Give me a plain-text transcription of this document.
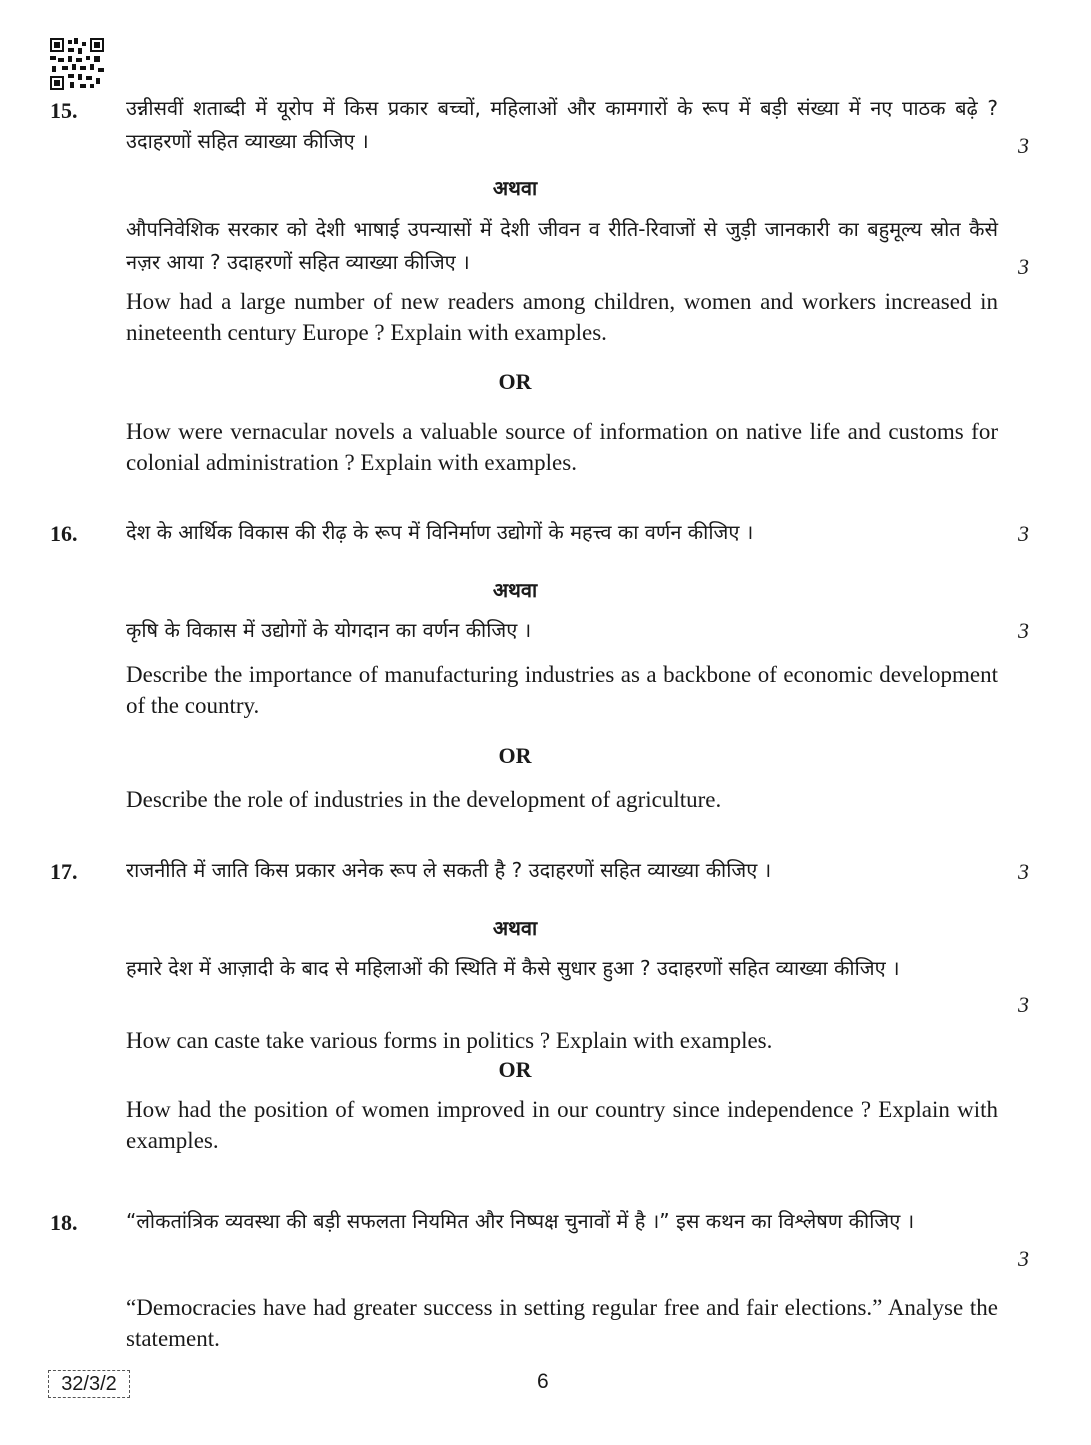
15. उन्नीसवीं शताब्दी में यूरोप में किस प्रकार बच्चों, महिलाओं और कामगारों के रूप में बड़ी संख्या में नए पाठक बढ़े ? उदाहरणों सहित व्याख्या कीजिए ।	3
अथवा
औपनिवेशिक सरकार को देशी भाषाई उपन्यासों में देशी जीवन व रीति-रिवाजों से जुड़ी जानकारी का बहुमूल्य स्रोत कैसे नज़र आया ? उदाहरणों सहित व्याख्या कीजिए ।	3
How had a large number of new readers among children, women and workers increased in nineteenth century Europe ? Explain with examples.
OR
How were vernacular novels a valuable source of information on native life and customs for colonial administration ? Explain with examples.
16. देश के आर्थिक विकास की रीढ़ के रूप में विनिर्माण उद्योगों के महत्त्व का वर्णन कीजिए ।	3
अथवा
कृषि के विकास में उद्योगों के योगदान का वर्णन कीजिए ।	3
Describe the importance of manufacturing industries as a backbone of economic development of the country.
OR
Describe the role of industries in the development of agriculture.
17. राजनीति में जाति किस प्रकार अनेक रूप ले सकती है ? उदाहरणों सहित व्याख्या कीजिए ।	3
अथवा
हमारे देश में आज़ादी के बाद से महिलाओं की स्थिति में कैसे सुधार हुआ ? उदाहरणों सहित व्याख्या कीजिए ।
3
How can caste take various forms in politics ? Explain with examples.
OR
How had the position of women improved in our country since independence ? Explain with examples.
18. “लोकतांत्रिक व्यवस्था की बड़ी सफलता नियमित और निष्पक्ष चुनावों में है ।” इस कथन का विश्लेषण कीजिए ।
3
“Democracies have had greater success in setting regular free and fair elections.” Analyse the statement.
32/3/2	6
